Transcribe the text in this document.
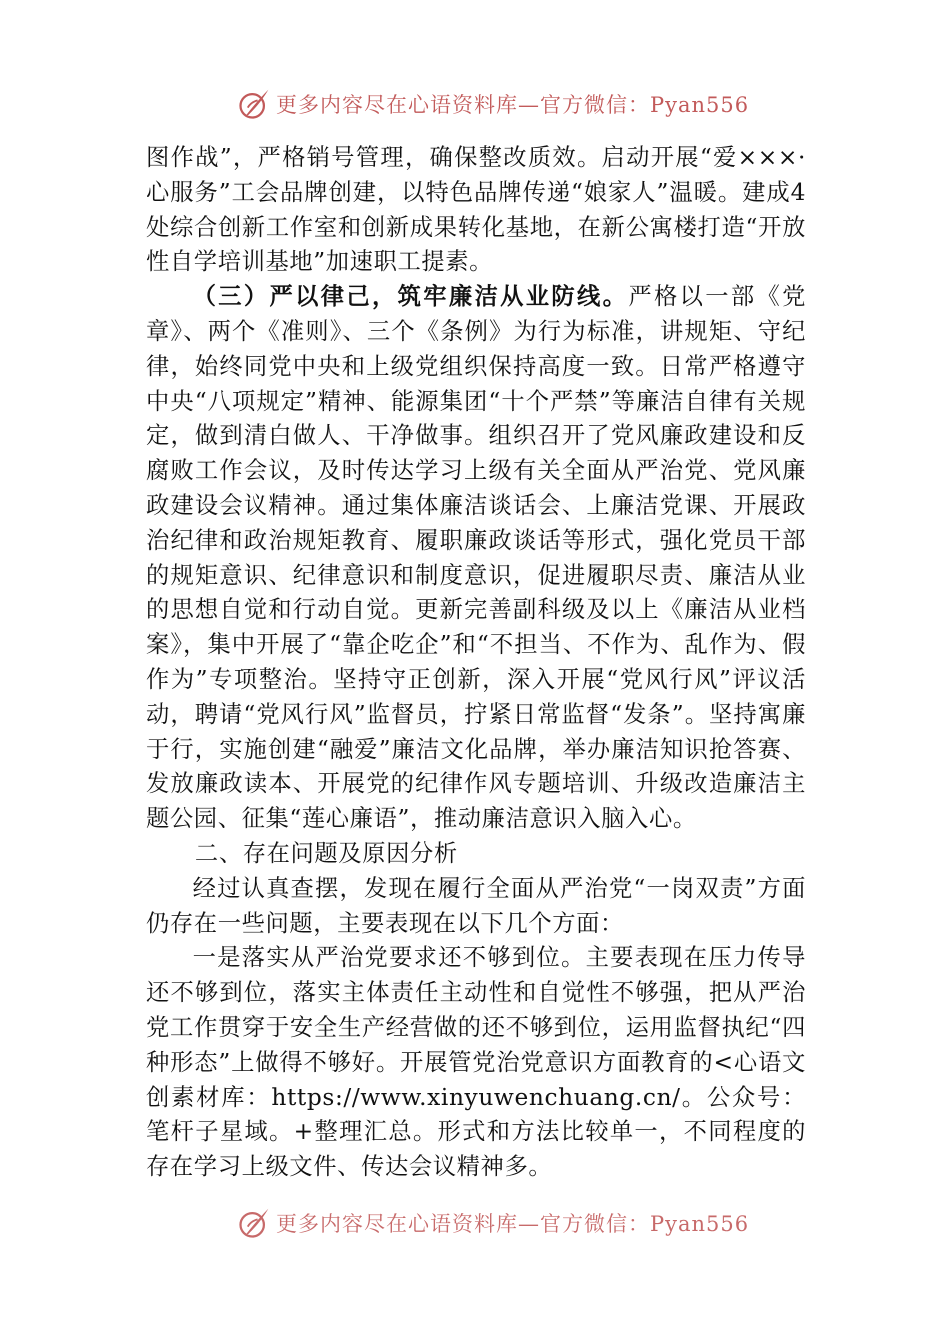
更多内容尽在心语资料库—官方微信：Pyan556

图作战”，严格销号管理，确保整改质效。启动开展“爱×××·心服务”工会品牌创建，以特色品牌传递“娘家人”温暖。建成4处综合创新工作室和创新成果转化基地，在新公寓楼打造“开放性自学培训基地”加速职工提素。

（三）严以律己，筑牢廉洁从业防线。严格以一部《党章》、两个《准则》、三个《条例》为行为标准，讲规矩、守纪律，始终同党中央和上级党组织保持高度一致。日常严格遵守中央“八项规定”精神、能源集团“十个严禁”等廉洁自律有关规定，做到清白做人、干净做事。组织召开了党风廉政建设和反腐败工作会议，及时传达学习上级有关全面从严治党、党风廉政建设会议精神。通过集体廉洁谈话会、上廉洁党课、开展政治纪律和政治规矩教育、履职廉政谈话等形式，强化党员干部的规矩意识、纪律意识和制度意识，促进履职尽责、廉洁从业的思想自觉和行动自觉。更新完善副科级及以上《廉洁从业档案》，集中开展了“靠企吃企”和“不担当、不作为、乱作为、假作为”专项整治。坚持守正创新，深入开展“党风行风”评议活动，聘请“党风行风”监督员，拧紧日常监督“发条”。坚持寓廉于行，实施创建“融爱”廉洁文化品牌，举办廉洁知识抢答赛、发放廉政读本、开展党的纪律作风专题培训、升级改造廉洁主题公园、征集“莲心廉语”，推动廉洁意识入脑入心。

二、存在问题及原因分析

经过认真查摆，发现在履行全面从严治党“一岗双责”方面仍存在一些问题，主要表现在以下几个方面：

一是落实从严治党要求还不够到位。主要表现在压力传导还不够到位，落实主体责任主动性和自觉性不够强，把从严治党工作贯穿于安全生产经营做的还不够到位，运用监督执纪“四种形态”上做得不够好。开展管党治党意识方面教育的<心语文创素材库：https://www.xinyuwenchuang.cn/。公众号：笔杆子星域。+整理汇总。形式和方法比较单一，不同程度的存在学习上级文件、传达会议精神多。

更多内容尽在心语资料库—官方微信：Pyan556
